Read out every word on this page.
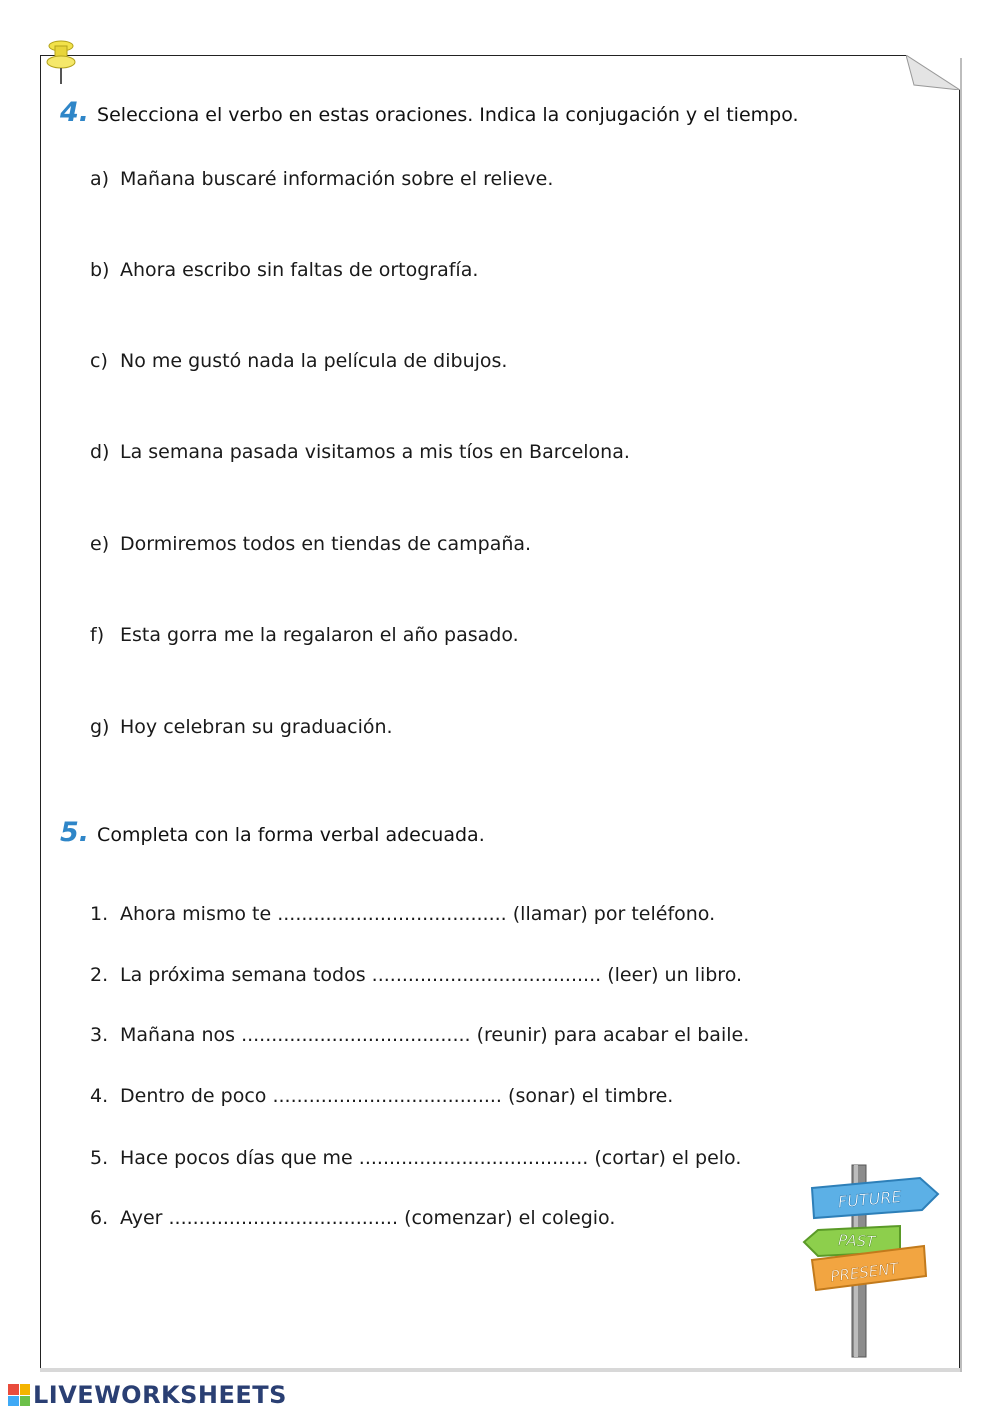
4. Selecciona el verbo en estas oraciones. Indica la conjugación y el tiempo.
a) Mañana buscaré información sobre el relieve.
b) Ahora escribo sin faltas de ortografía.
c) No me gustó nada la película de dibujos.
d) La semana pasada visitamos a mis tíos en Barcelona.
e) Dormiremos todos en tiendas de campaña.
f) Esta gorra me la regalaron el año pasado.
g) Hoy celebran su graduación.
5. Completa con la forma verbal adecuada.
1. Ahora mismo te ...................................... (llamar) por teléfono.
2. La próxima semana todos ...................................... (leer) un libro.
3. Mañana nos ...................................... (reunir) para acabar el baile.
4. Dentro de poco ...................................... (sonar) el timbre.
5. Hace pocos días que me ...................................... (cortar) el pelo.
6. Ayer ...................................... (comenzar) el colegio.
FUTURE
PAST
PRESENT
LIVEWORKSHEETS
